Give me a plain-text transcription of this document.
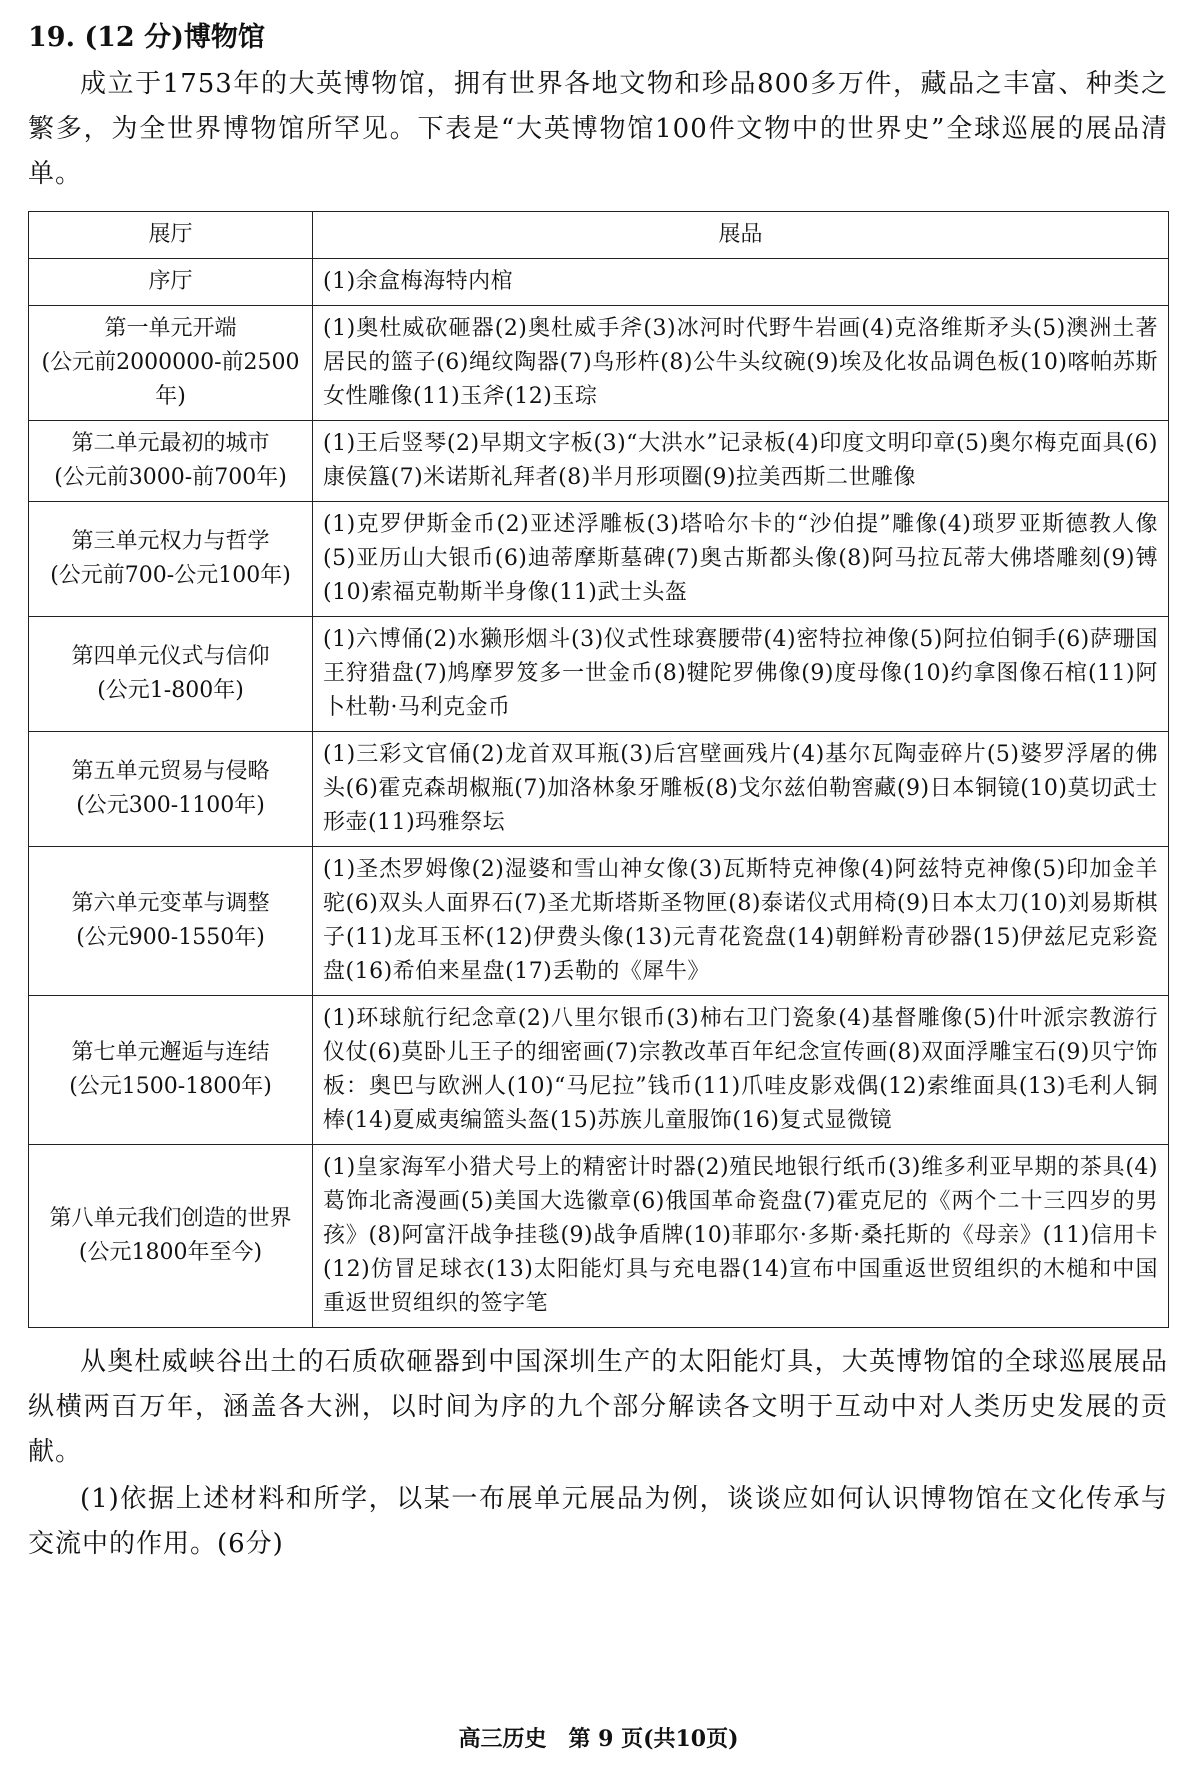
19. (12 分)博物馆

成立于1753年的大英博物馆，拥有世界各地文物和珍品800多万件，藏品之丰富、种类之繁多，为全世界博物馆所罕见。下表是“大英博物馆100件文物中的世界史”全球巡展的展品清单。

展厅	展品

序厅	(1)余盒梅海特内棺

第一单元开端
(公元前2000000-前2500年)	(1)奥杜威砍砸器(2)奥杜威手斧(3)冰河时代野牛岩画(4)克洛维斯矛头(5)澳洲土著居民的篮子(6)绳纹陶器(7)鸟形杵(8)公牛头纹碗(9)埃及化妆品调色板(10)喀帕苏斯女性雕像(11)玉斧(12)玉琮

第二单元最初的城市
(公元前3000-前700年)	(1)王后竖琴(2)早期文字板(3)“大洪水”记录板(4)印度文明印章(5)奥尔梅克面具(6)康侯簋(7)米诺斯礼拜者(8)半月形项圈(9)拉美西斯二世雕像

第三单元权力与哲学
(公元前700-公元100年)	(1)克罗伊斯金币(2)亚述浮雕板(3)塔哈尔卡的“沙伯提”雕像(4)琐罗亚斯德教人像(5)亚历山大银币(6)迪蒂摩斯墓碑(7)奥古斯都头像(8)阿马拉瓦蒂大佛塔雕刻(9)镈(10)索福克勒斯半身像(11)武士头盔

第四单元仪式与信仰
(公元1-800年)	(1)六博俑(2)水獭形烟斗(3)仪式性球赛腰带(4)密特拉神像(5)阿拉伯铜手(6)萨珊国王狩猎盘(7)鸠摩罗笈多一世金币(8)犍陀罗佛像(9)度母像(10)约拿图像石棺(11)阿卜杜勒·马利克金币

第五单元贸易与侵略
(公元300-1100年)	(1)三彩文官俑(2)龙首双耳瓶(3)后宫壁画残片(4)基尔瓦陶壶碎片(5)婆罗浮屠的佛头(6)霍克森胡椒瓶(7)加洛林象牙雕板(8)戈尔兹伯勒窖藏(9)日本铜镜(10)莫切武士形壶(11)玛雅祭坛

第六单元变革与调整
(公元900-1550年)	(1)圣杰罗姆像(2)湿婆和雪山神女像(3)瓦斯特克神像(4)阿兹特克神像(5)印加金羊驼(6)双头人面界石(7)圣尤斯塔斯圣物匣(8)泰诺仪式用椅(9)日本太刀(10)刘易斯棋子(11)龙耳玉杯(12)伊费头像(13)元青花瓷盘(14)朝鲜粉青砂器(15)伊兹尼克彩瓷盘(16)希伯来星盘(17)丢勒的《犀牛》

第七单元邂逅与连结
(公元1500-1800年)	(1)环球航行纪念章(2)八里尔银币(3)柿右卫门瓷象(4)基督雕像(5)什叶派宗教游行仪仗(6)莫卧儿王子的细密画(7)宗教改革百年纪念宣传画(8)双面浮雕宝石(9)贝宁饰板：奥巴与欧洲人(10)“马尼拉”钱币(11)爪哇皮影戏偶(12)索维面具(13)毛利人铜棒(14)夏威夷编篮头盔(15)苏族儿童服饰(16)复式显微镜

第八单元我们创造的世界
(公元1800年至今)	(1)皇家海军小猎犬号上的精密计时器(2)殖民地银行纸币(3)维多利亚早期的茶具(4)葛饰北斋漫画(5)美国大选徽章(6)俄国革命瓷盘(7)霍克尼的《两个二十三四岁的男孩》(8)阿富汗战争挂毯(9)战争盾牌(10)菲耶尔·多斯·桑托斯的《母亲》(11)信用卡(12)仿冒足球衣(13)太阳能灯具与充电器(14)宣布中国重返世贸组织的木槌和中国重返世贸组织的签字笔

从奥杜威峡谷出土的石质砍砸器到中国深圳生产的太阳能灯具，大英博物馆的全球巡展展品纵横两百万年，涵盖各大洲，以时间为序的九个部分解读各文明于互动中对人类历史发展的贡献。

(1)依据上述材料和所学，以某一布展单元展品为例，谈谈应如何认识博物馆在文化传承与交流中的作用。(6分)

高三历史　第 9 页(共10页)
